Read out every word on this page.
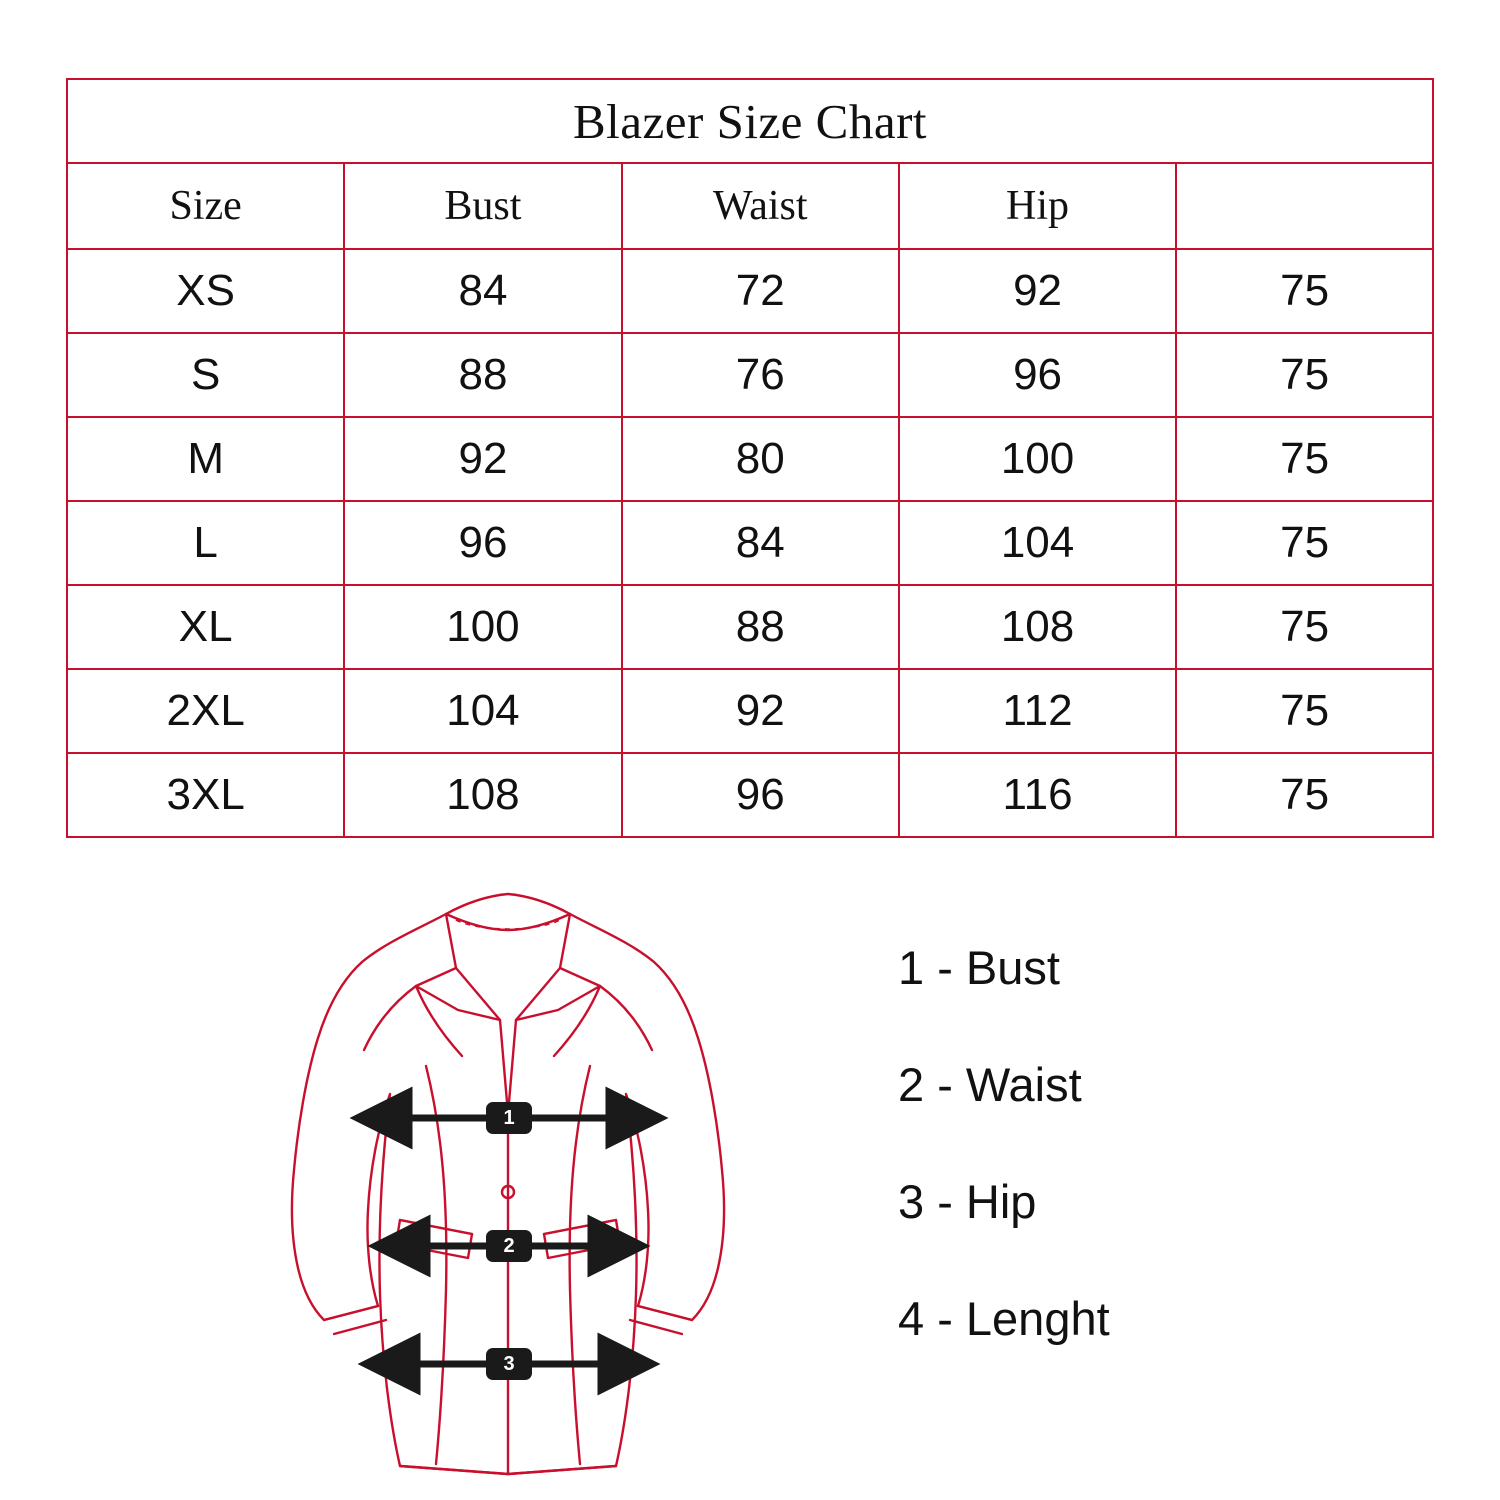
Blazer Size Chart				
Size	Bust	Waist	Hip	
XS	84	72	92	75
S	88	76	96	75
M	92	80	100	75
L	96	84	104	75
XL	100	88	108	75
2XL	104	92	112	75
3XL	108	96	116	75
1 - Bust
2 - Waist
3 - Hip
4 - Lenght
1
2
3
